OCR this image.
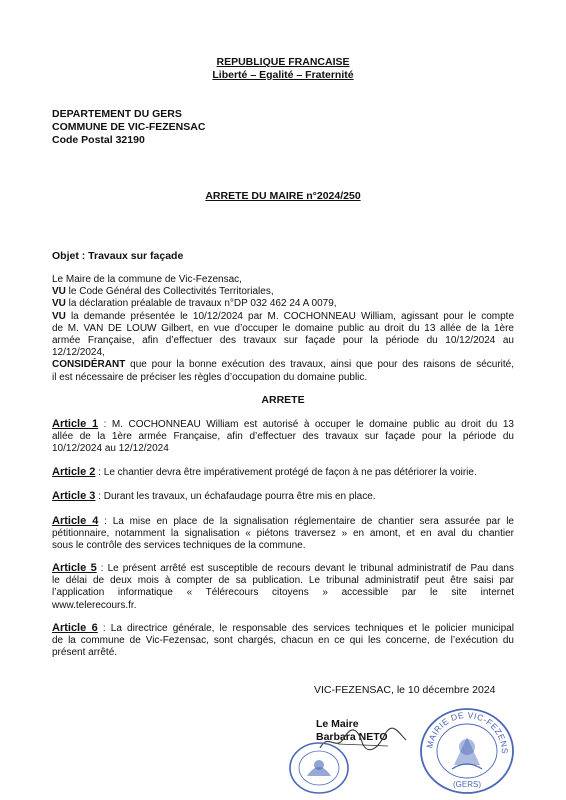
REPUBLIQUE FRANCAISE
Liberté – Egalité – Fraternité
DEPARTEMENT DU GERS
COMMUNE DE VIC-FEZENSAC
Code Postal 32190
ARRETE DU MAIRE n°2024/250
Objet : Travaux sur façade
Le Maire de la commune de Vic-Fezensac,
VU le Code Général des Collectivités Territoriales,
VU la déclaration préalable de travaux n°DP 032 462 24 A 0079,
VU la demande présentée le 10/12/2024 par M. COCHONNEAU William, agissant pour le compte
de M. VAN DE LOUW Gilbert, en vue d’occuper le domaine public au droit du 13 allée de la 1ère
armée Française, afin d’effectuer des travaux sur façade pour la période du 10/12/2024 au
12/12/2024,
CONSIDÉRANT que pour la bonne exécution des travaux, ainsi que pour des raisons de sécurité,
il est nécessaire de préciser les règles d’occupation du domaine public.
ARRETE
Article 1 : M. COCHONNEAU William est autorisé à occuper le domaine public au droit du 13
allée de la 1ère armée Française, afin d’effectuer des travaux sur façade pour la période du
10/12/2024 au 12/12/2024
Article 2 : Le chantier devra être impérativement protégé de façon à ne pas détériorer la voirie.
Article 3 : Durant les travaux, un échafaudage pourra être mis en place.
Article 4 : La mise en place de la signalisation réglementaire de chantier sera assurée par le
pétitionnaire, notamment la signalisation « piétons traversez » en amont, et en aval du chantier
sous le contrôle des services techniques de la commune.
Article 5 : Le présent arrêté est susceptible de recours devant le tribunal administratif de Pau dans
le délai de deux mois à compter de sa publication. Le tribunal administratif peut être saisi par
l’application informatique « Télérecours citoyens » accessible par le site internet
www.telerecours.fr.
Article 6 : La directrice générale, le responsable des services techniques et le policier municipal
de la commune de Vic-Fezensac, sont chargés, chacun en ce qui les concerne, de l’exécution du
présent arrêté.
VIC-FEZENSAC, le 10 décembre 2024
Le Maire
Barbara NETO
MAIRIE DE VIC-FEZENS
(GERS)
